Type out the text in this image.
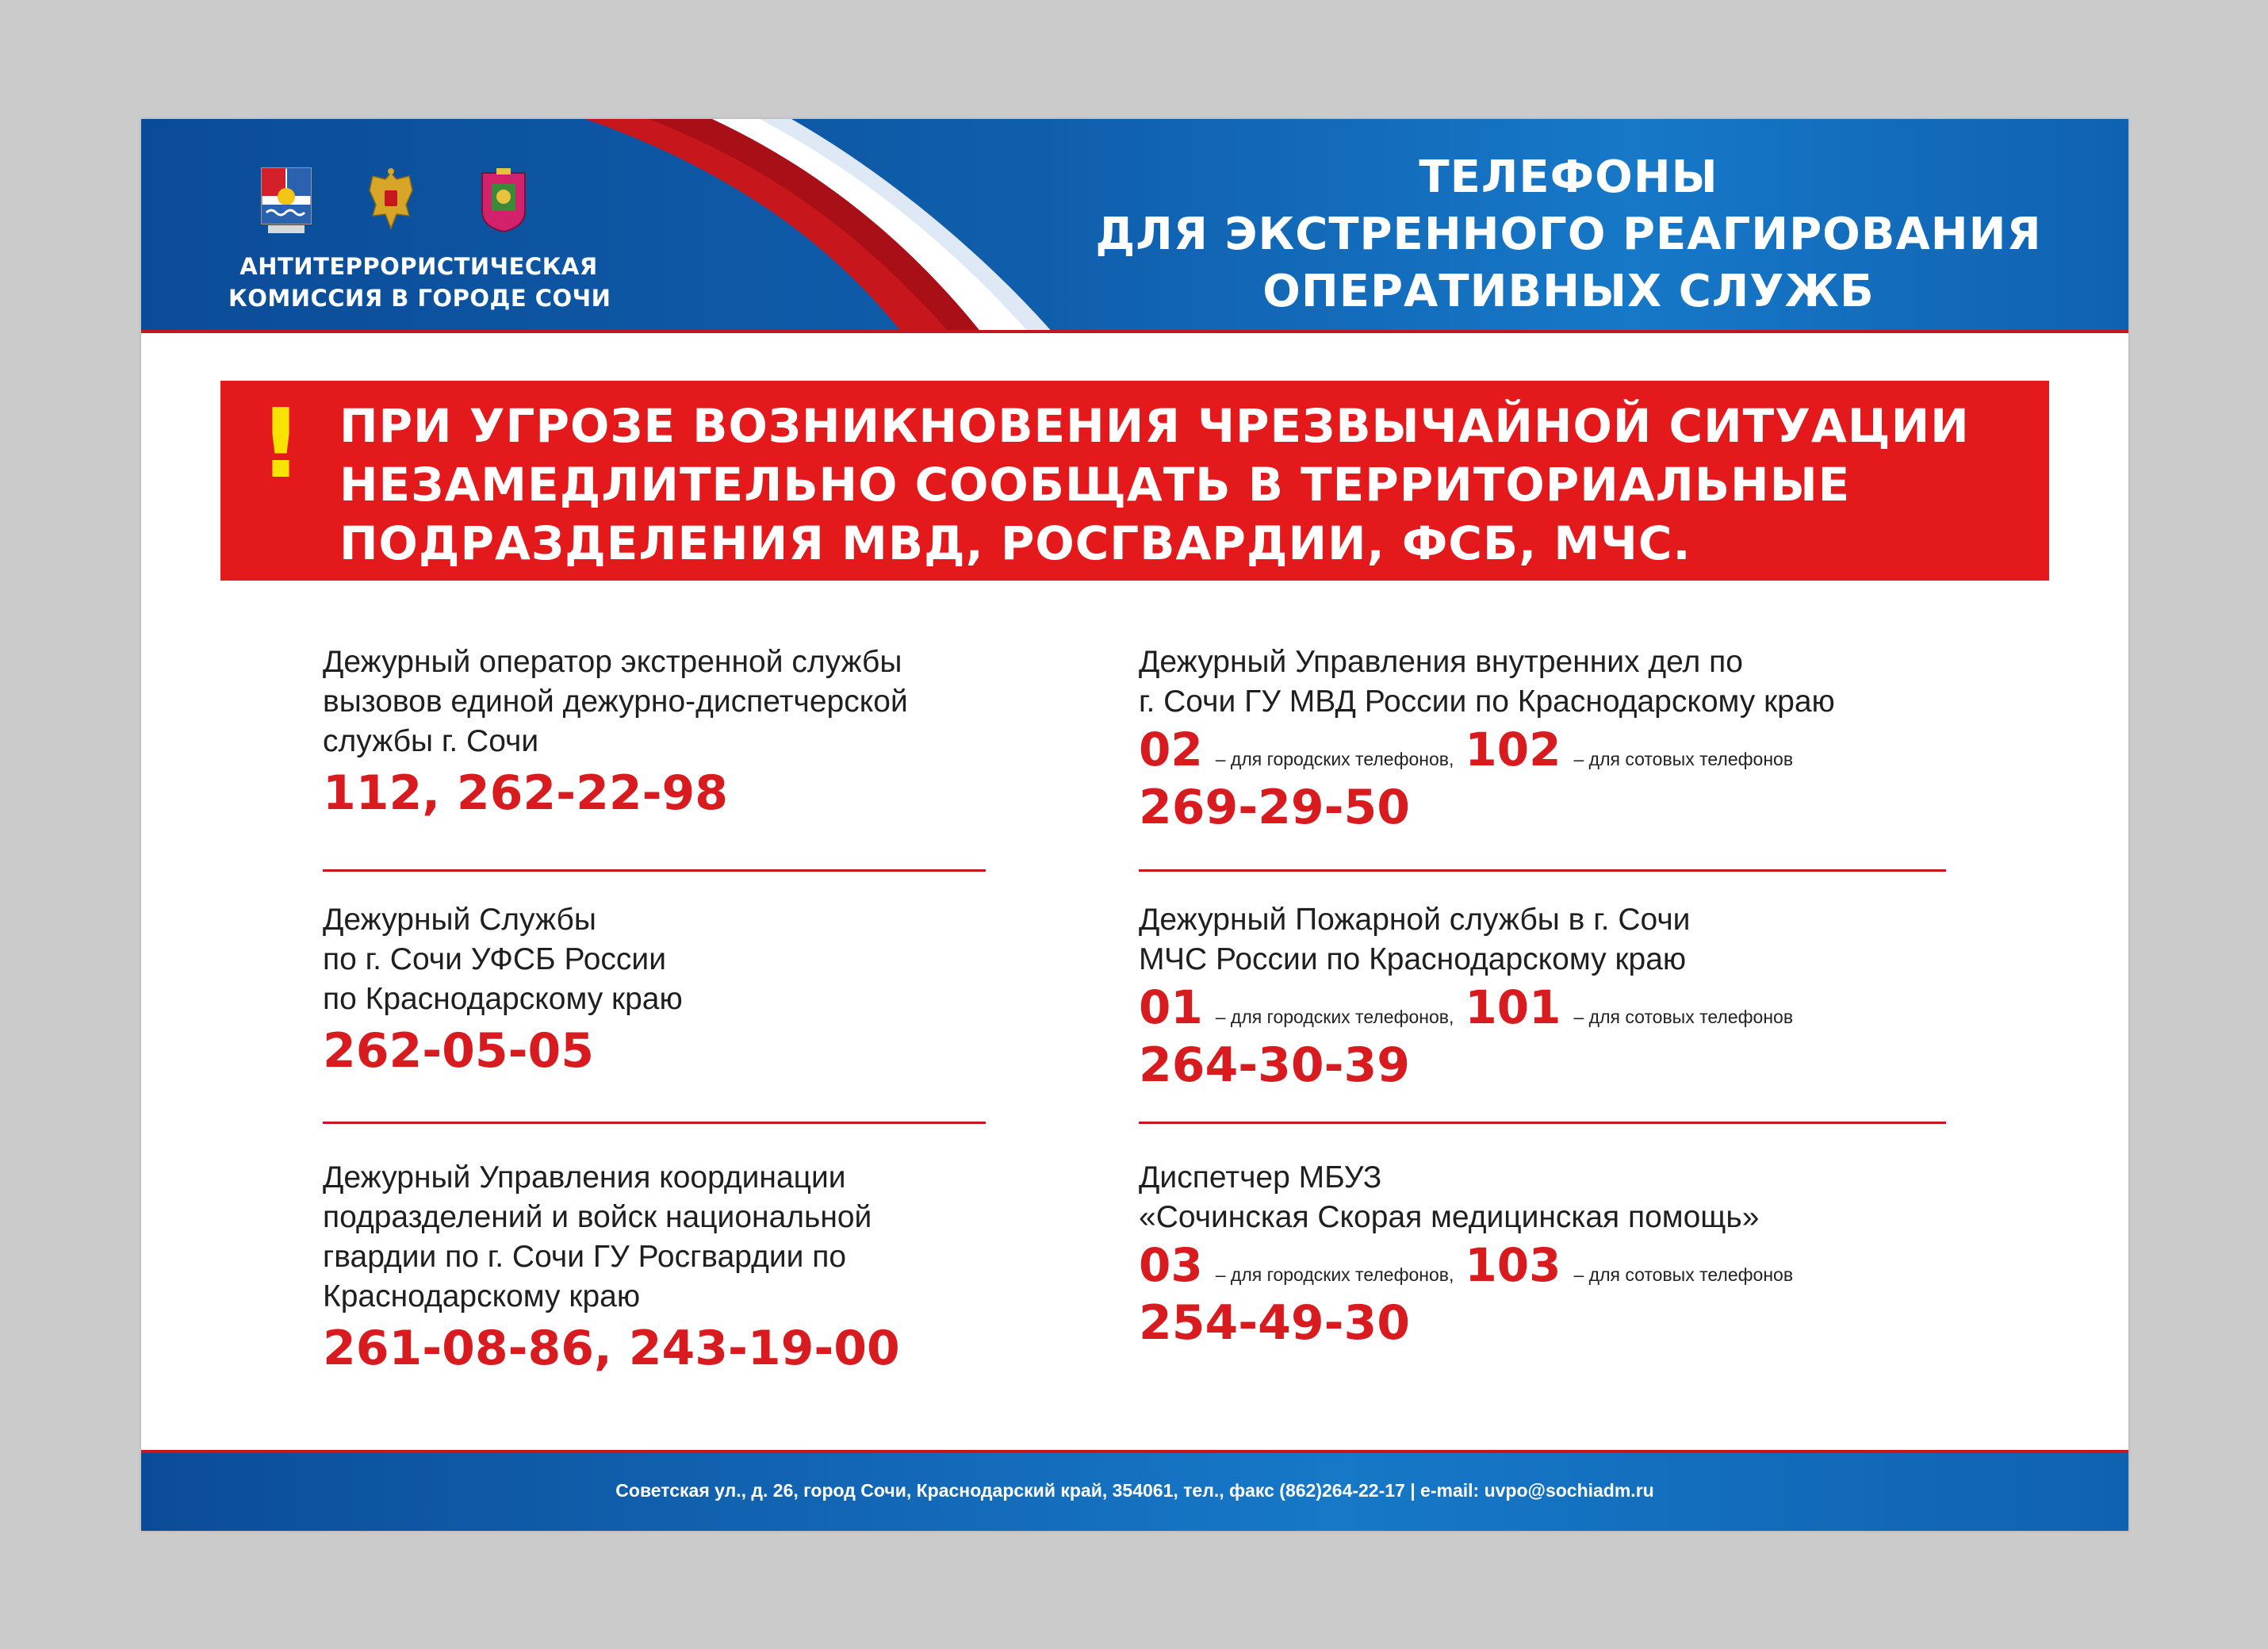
АНТИТЕРРОРИСТИЧЕСКАЯ
КОМИССИЯ В ГОРОДЕ СОЧИ
ТЕЛЕФОНЫ
ДЛЯ ЭКСТРЕННОГО РЕАГИРОВАНИЯ
ОПЕРАТИВНЫХ СЛУЖБ
! ПРИ УГРОЗЕ ВОЗНИКНОВЕНИЯ ЧРЕЗВЫЧАЙНОЙ СИТУАЦИИ
НЕЗАМЕДЛИТЕЛЬНО СООБЩАТЬ В ТЕРРИТОРИАЛЬНЫЕ
ПОДРАЗДЕЛЕНИЯ МВД, РОСГВАРДИИ, ФСБ, МЧС.
Дежурный оператор экстренной службы
вызовов единой дежурно-диспетчерской
службы г. Сочи
112, 262-22-98
Дежурный Службы
по г. Сочи УФСБ России
по Краснодарскому краю
262-05-05
Дежурный Управления координации
подразделений и войск национальной
гвардии по г. Сочи ГУ Росгвардии по
Краснодарскому краю
261-08-86, 243-19-00
Дежурный Управления внутренних дел по
г. Сочи ГУ МВД России по Краснодарскому краю
02 – для городских телефонов, 102 – для сотовых телефонов
269-29-50
Дежурный Пожарной службы в г. Сочи
МЧС России по Краснодарскому краю
01 – для городских телефонов, 101 – для сотовых телефонов
264-30-39
Диспетчер МБУЗ
«Сочинская Скорая медицинская помощь»
03 – для городских телефонов, 103 – для сотовых телефонов
254-49-30
Советская ул., д. 26, город Сочи, Краснодарский край, 354061, тел., факс (862)264-22-17 | e-mail: uvpo@sochiadm.ru
